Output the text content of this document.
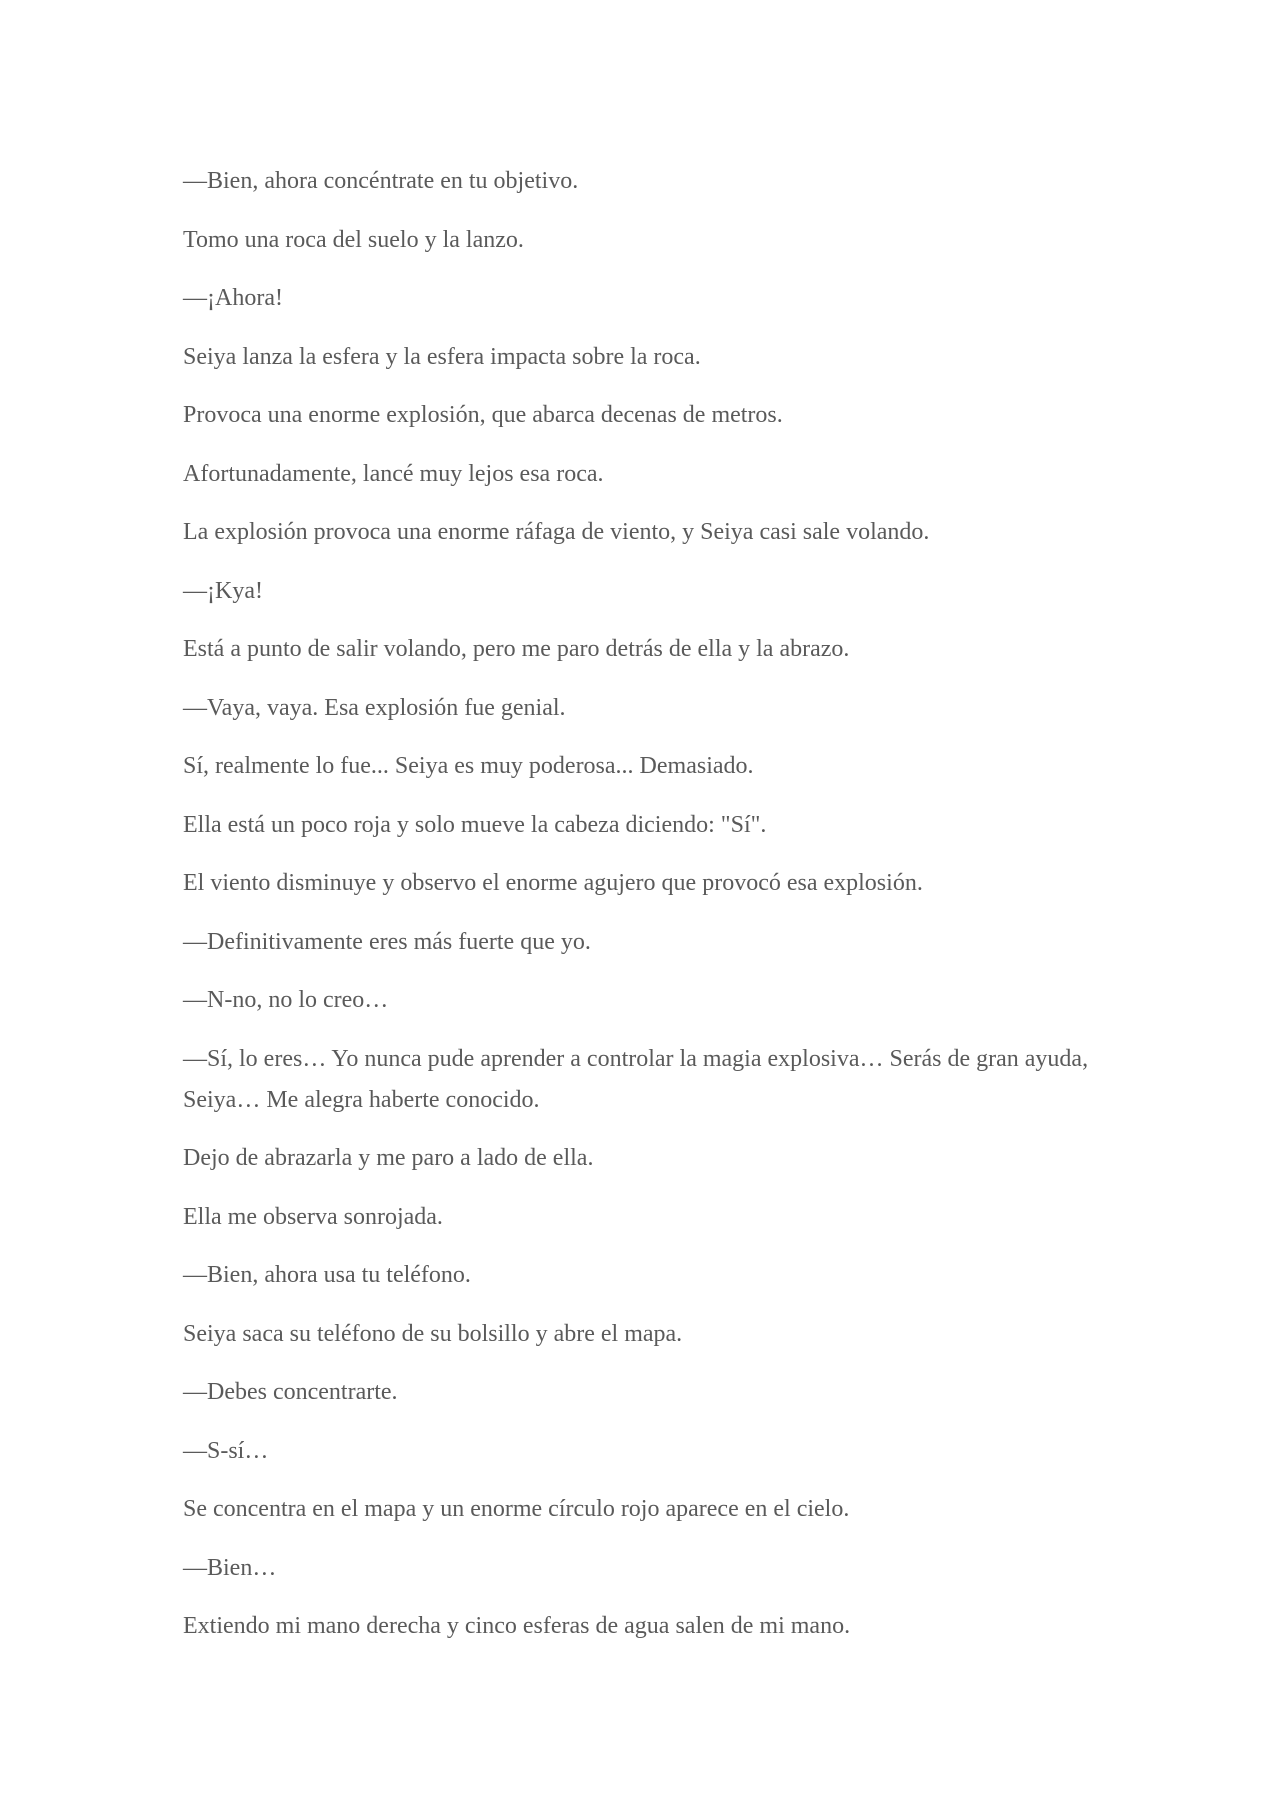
—Bien, ahora concéntrate en tu objetivo.

Tomo una roca del suelo y la lanzo.

—¡Ahora!

Seiya lanza la esfera y la esfera impacta sobre la roca.

Provoca una enorme explosión, que abarca decenas de metros.

Afortunadamente, lancé muy lejos esa roca.

La explosión provoca una enorme ráfaga de viento, y Seiya casi sale volando.

—¡Kya!

Está a punto de salir volando, pero me paro detrás de ella y la abrazo.

—Vaya, vaya. Esa explosión fue genial.

Sí, realmente lo fue... Seiya es muy poderosa... Demasiado.

Ella está un poco roja y solo mueve la cabeza diciendo: "Sí".

El viento disminuye y observo el enorme agujero que provocó esa explosión.

—Definitivamente eres más fuerte que yo.

—N-no, no lo creo…

—Sí, lo eres… Yo nunca pude aprender a controlar la magia explosiva… Serás de gran ayuda, Seiya… Me alegra haberte conocido.

Dejo de abrazarla y me paro a lado de ella.

Ella me observa sonrojada.

—Bien, ahora usa tu teléfono.

Seiya saca su teléfono de su bolsillo y abre el mapa.

—Debes concentrarte.

—S-sí…

Se concentra en el mapa y un enorme círculo rojo aparece en el cielo.

—Bien…

Extiendo mi mano derecha y cinco esferas de agua salen de mi mano.
